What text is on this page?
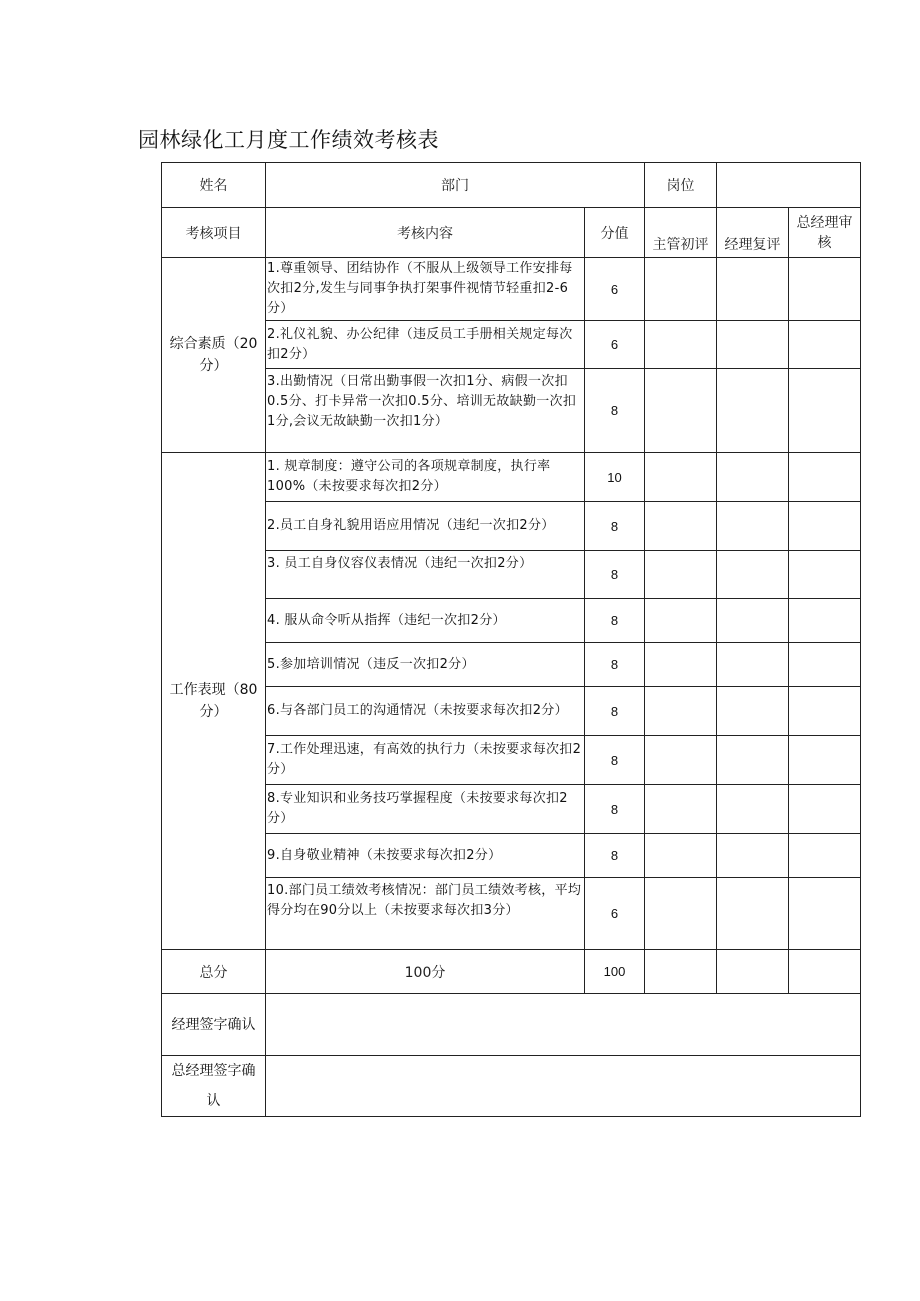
园林绿化工月度工作绩效考核表
姓名	部门		岗位		
考核项目	考核内容	分值	主管初评	经理复评	总经理审核
综合素质（20分）	1.尊重领导、团结协作（不服从上级领导工作安排每次扣2分,发生与同事争执打架事件视情节轻重扣2-6分）	6			
	2.礼仪礼貌、办公纪律（违反员工手册相关规定每次扣2分）	6			
	3.出勤情况（日常出勤事假一次扣1分、病假一次扣0.5分、打卡异常一次扣0.5分、培训无故缺勤一次扣1分,会议无故缺勤一次扣1分）	8			
工作表现（80分）	1. 规章制度：遵守公司的各项规章制度，执行率100%（未按要求每次扣2分）	10			
	2.员工自身礼貌用语应用情况（违纪一次扣2分）	8			
	3. 员工自身仪容仪表情况（违纪一次扣2分）	8			
	4. 服从命令听从指挥（违纪一次扣2分）	8			
	5.参加培训情况（违反一次扣2分）	8			
	6.与各部门员工的沟通情况（未按要求每次扣2分）	8			
	7.工作处理迅速，有高效的执行力（未按要求每次扣2分）	8			
	8.专业知识和业务技巧掌握程度（未按要求每次扣2分）	8			
	9.自身敬业精神（未按要求每次扣2分）	8			
	10.部门员工绩效考核情况：部门员工绩效考核，平均得分均在90分以上（未按要求每次扣3分）	6			
总分	100分	100			
经理签字确认					
总经理签字确认					
